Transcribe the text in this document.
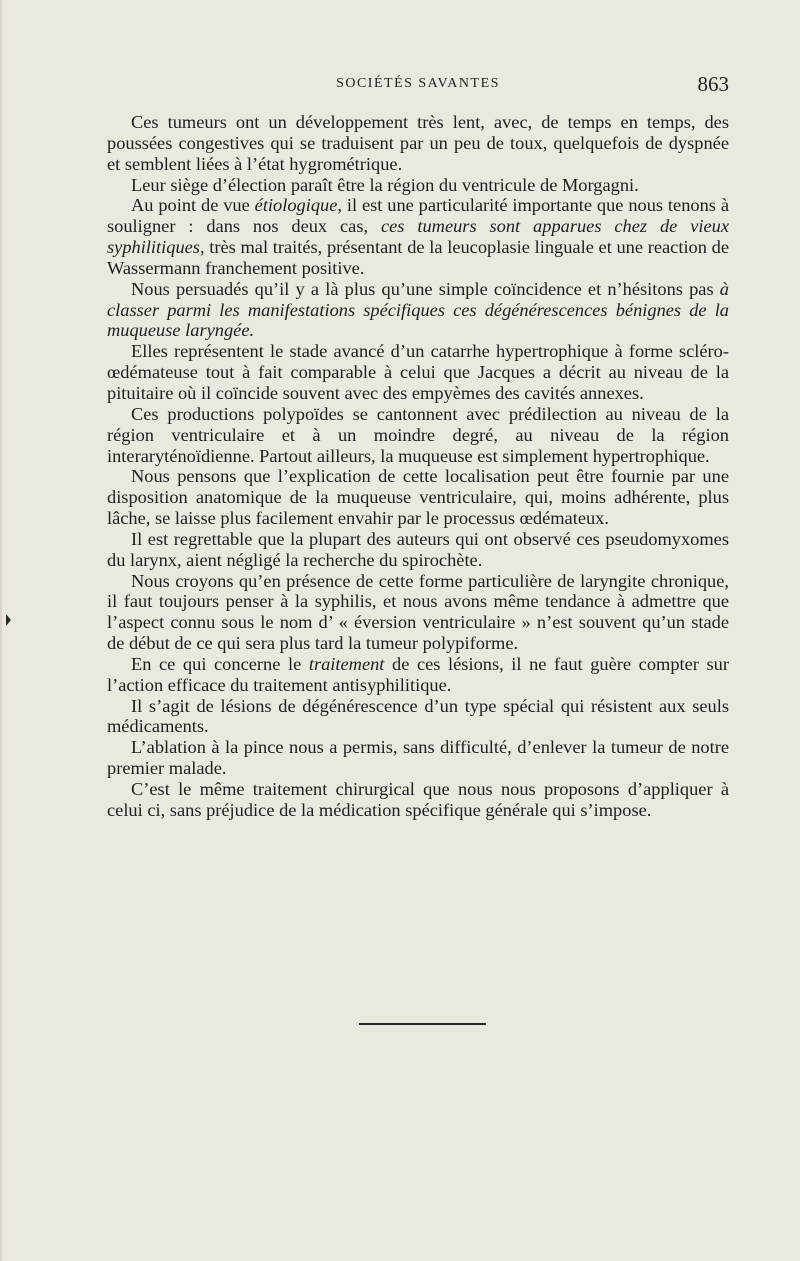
SOCIÉTÉS SAVANTES	863

Ces tumeurs ont un développement très lent, avec, de temps en temps, des poussées congestives qui se traduisent par un peu de toux, quelquefois de dyspnée et semblent liées à l’état hygrométrique.

Leur siège d’élection paraît être la région du ventricule de Morgagni.

Au point de vue étiologique, il est une particularité importante que nous tenons à souligner : dans nos deux cas, ces tumeurs sont apparues chez de vieux syphilitiques, très mal traités, présentant de la leucoplasie linguale et une reaction de Wassermann franchement positive.

Nous persuadés qu’il y a là plus qu’une simple coïncidence et n’hésitons pas à classer parmi les manifestations spécifiques ces dégénérescences bénignes de la muqueuse laryngée.

Elles représentent le stade avancé d’un catarrhe hypertrophique à forme scléro-œdémateuse tout à fait comparable à celui que Jacques a décrit au niveau de la pituitaire où il coïncide souvent avec des empyèmes des cavités annexes.

Ces productions polypoïdes se cantonnent avec prédilection au niveau de la région ventriculaire et à un moindre degré, au niveau de la région interaryténoïdienne. Partout ailleurs, la muqueuse est simplement hypertrophique.

Nous pensons que l’explication de cette localisation peut être fournie par une disposition anatomique de la muqueuse ventriculaire, qui, moins adhérente, plus lâche, se laisse plus facilement envahir par le processus œdémateux.

Il est regrettable que la plupart des auteurs qui ont observé ces pseudomyxomes du larynx, aient négligé la recherche du spirochète.

Nous croyons qu’en présence de cette forme particulière de laryngite chronique, il faut toujours penser à la syphilis, et nous avons même tendance à admettre que l’aspect connu sous le nom d’ « éversion ventriculaire » n’est souvent qu’un stade de début de ce qui sera plus tard la tumeur polypiforme.

En ce qui concerne le traitement de ces lésions, il ne faut guère compter sur l’action efficace du traitement antisyphilitique.

Il s’agit de lésions de dégénérescence d’un type spécial qui résistent aux seuls médicaments.

L’ablation à la pince nous a permis, sans difficulté, d’enlever la tumeur de notre premier malade.

C’est le même traitement chirurgical que nous nous proposons d’appliquer à celui ci, sans préjudice de la médication spécifique générale qui s’impose.
